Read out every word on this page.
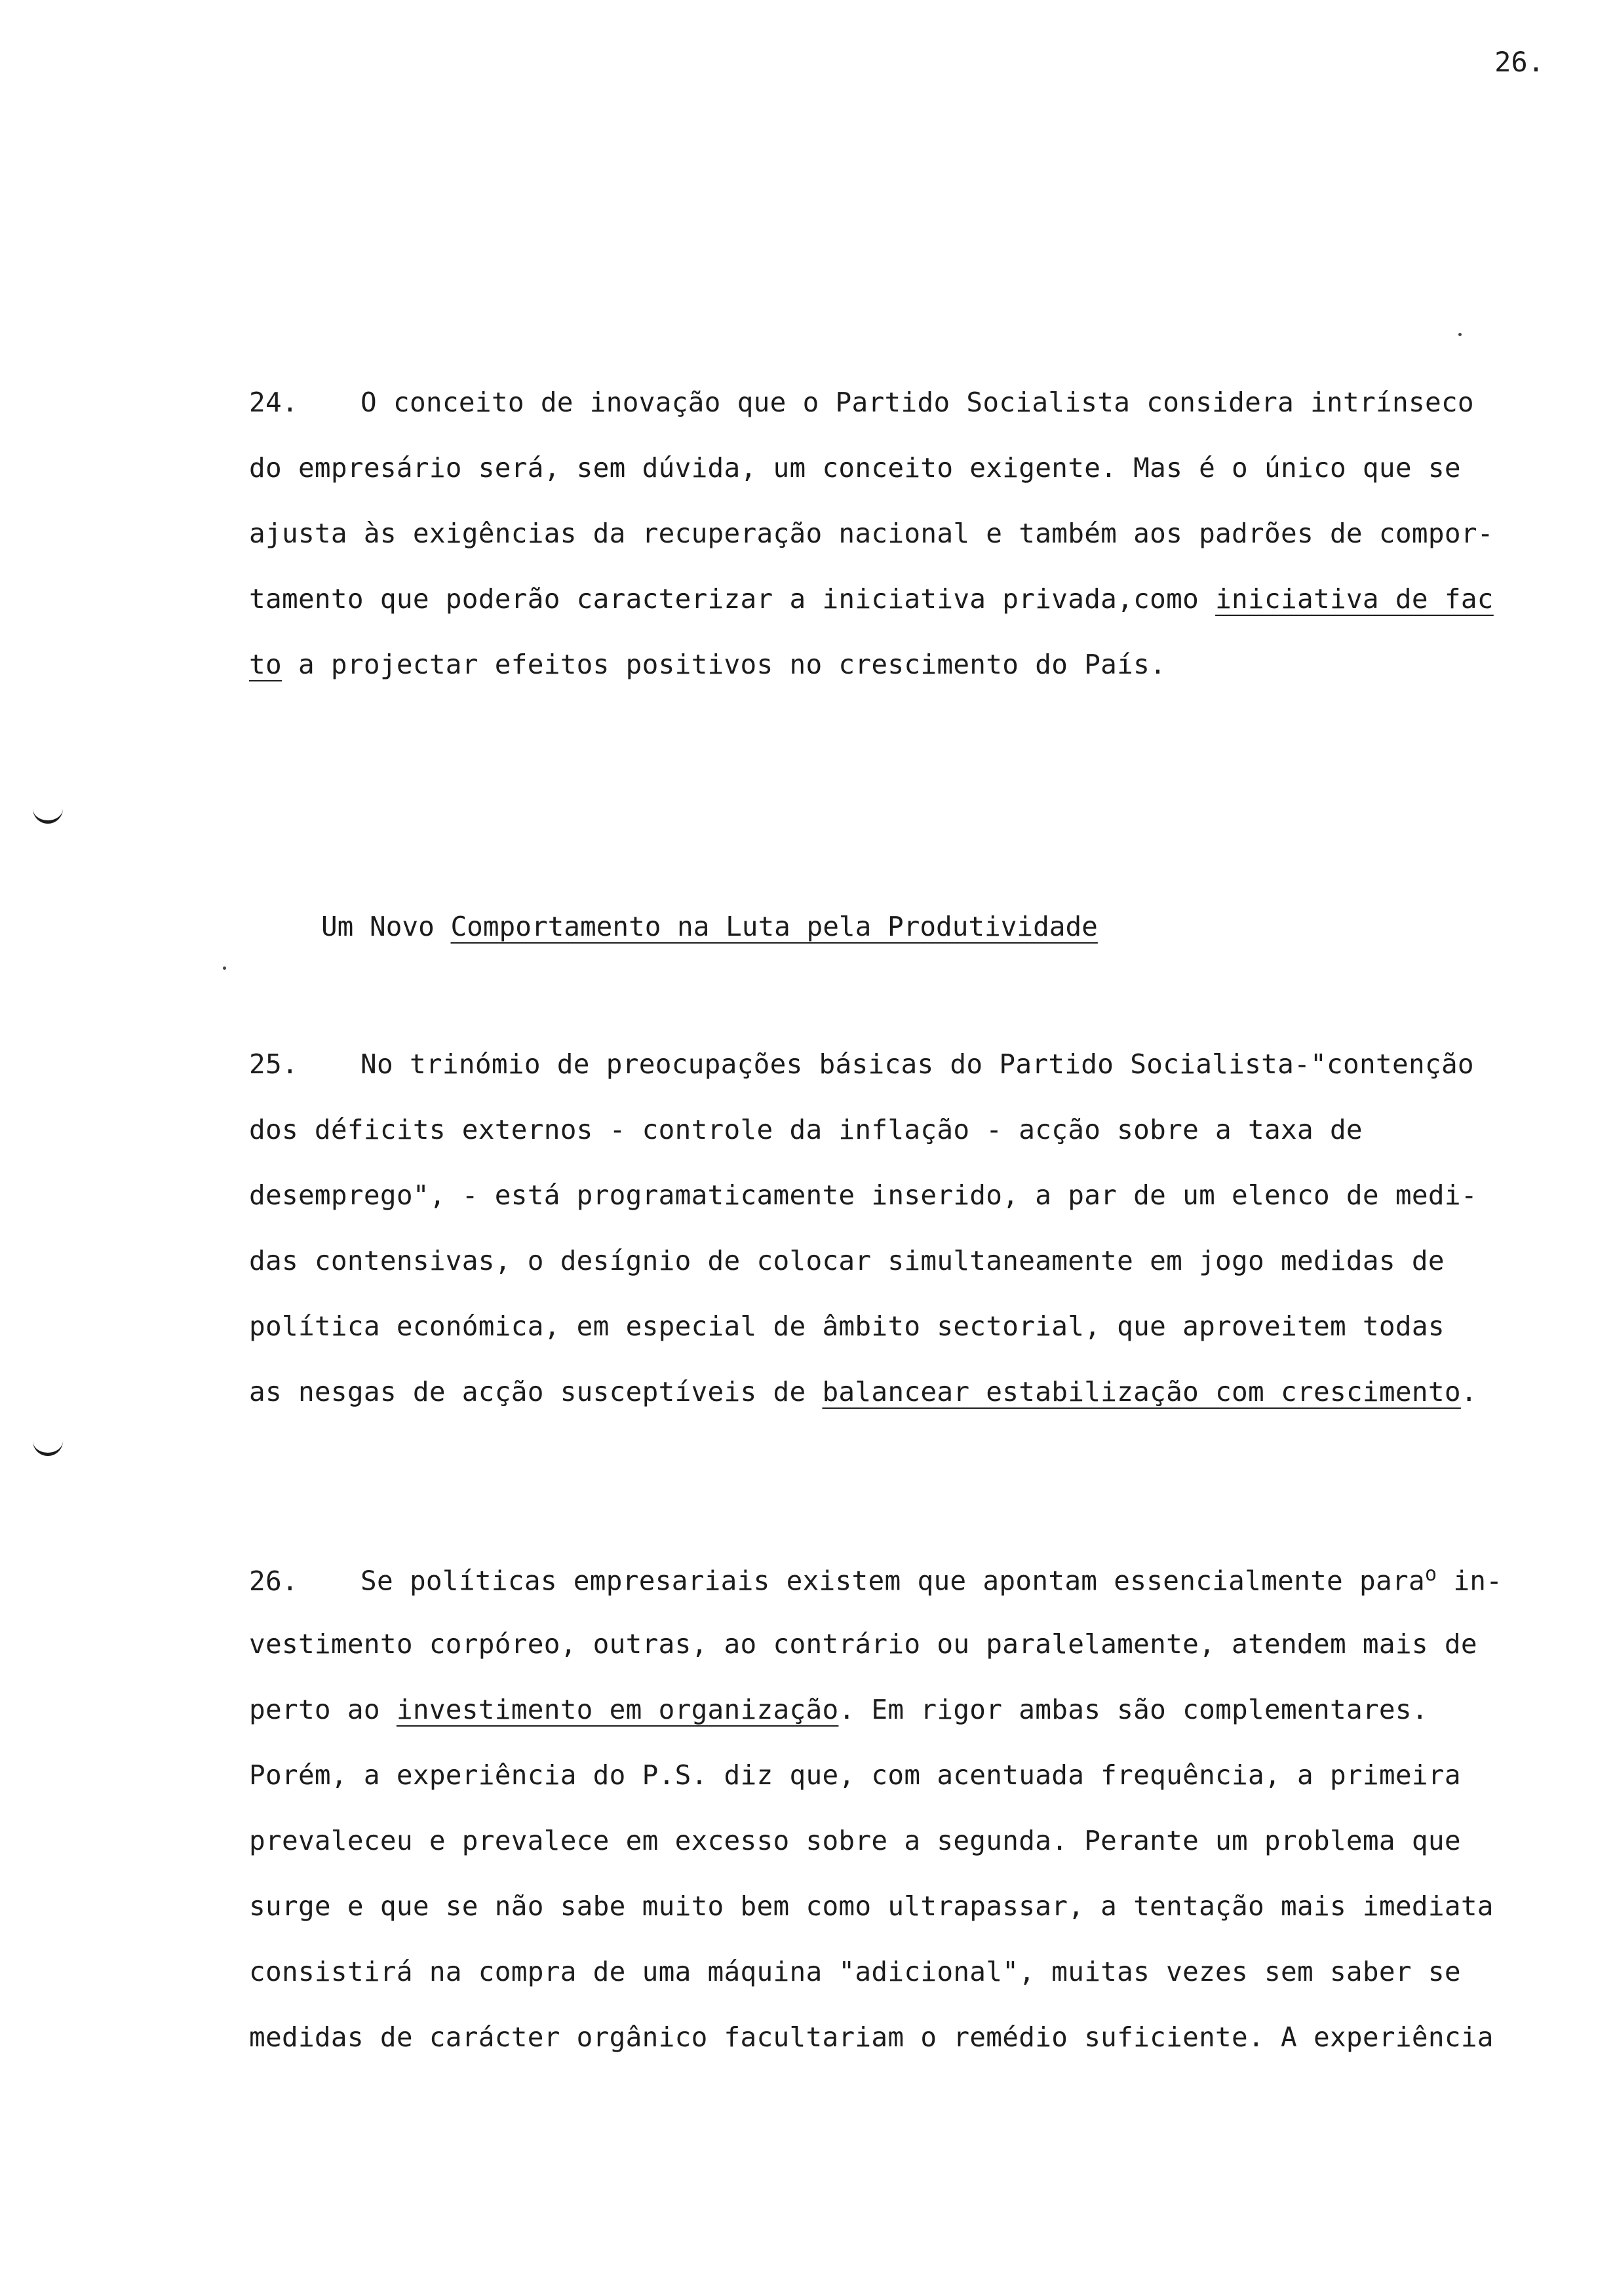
26.
24. O conceito de inovação que o Partido Socialista considera intrínseco
do empresário será, sem dúvida, um conceito exigente. Mas é o único que se
ajusta às exigências da recuperação nacional e também aos padrões de compor-
tamento que poderão caracterizar a iniciativa privada,como iniciativa de fac
to a projectar efeitos positivos no crescimento do País.
Um Novo Comportamento na Luta pela Produtividade
25. No trinómio de preocupações básicas do Partido Socialista-"contenção
dos déficits externos - controle da inflação - acção sobre a taxa de
desemprego", - está programaticamente inserido, a par de um elenco de medi-
das contensivas, o desígnio de colocar simultaneamente em jogo medidas de
política económica, em especial de âmbito sectorial, que aproveitem todas
as nesgas de acção susceptíveis de balancear estabilização com crescimento.
26. Se políticas empresariais existem que apontam essencialmente para$^o$ in-
vestimento corpóreo, outras, ao contrário ou paralelamente, atendem mais de
perto ao investimento em organização. Em rigor ambas são complementares.
Porém, a experiência do P.S. diz que, com acentuada frequência, a primeira
prevaleceu e prevalece em excesso sobre a segunda. Perante um problema que
surge e que se não sabe muito bem como ultrapassar, a tentação mais imediata
consistirá na compra de uma máquina "adicional", muitas vezes sem saber se
medidas de carácter orgânico facultariam o remédio suficiente. A experiência
